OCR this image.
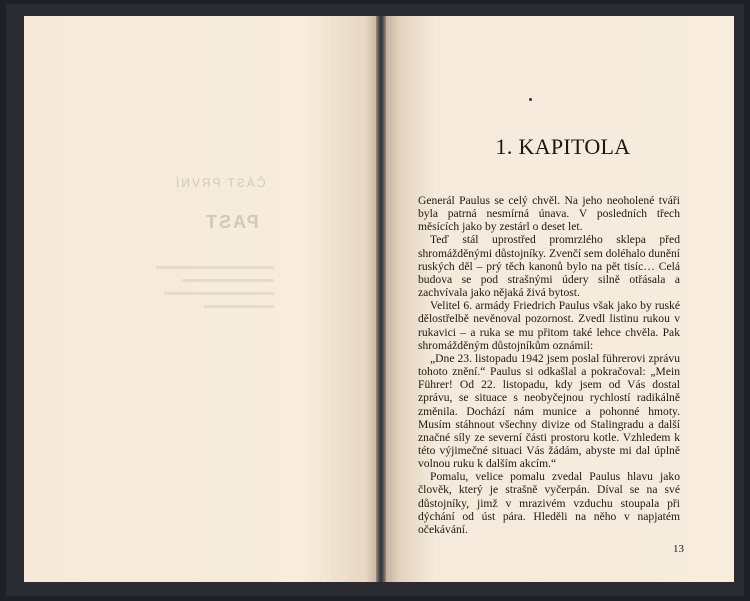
ČÁST PRVNÍ
PAST
1. KAPITOLA

Generál Paulus se celý chvěl. Na jeho neoholené tváři byla patrná nesmírná únava. V posledních třech měsících jako by zestárl o deset let.

Teď stál uprostřed promrzlého sklepa před shromážděnými důstojníky. Zvenčí sem doléhalo dunění ruských děl – prý těch kanonů bylo na pět tisíc… Celá budova se pod strašnými údery silně otřásala a zachvívala jako nějaká živá bytost.

Velitel 6. armády Friedrich Paulus však jako by ruské dělostřelbě nevěnoval pozornost. Zvedl listinu rukou v rukavici – a ruka se mu přitom také lehce chvěla. Pak shromážděným důstojníkům oznámil:

„Dne 23. listopadu 1942 jsem poslal führerovi zprávu tohoto znění.“ Paulus si odkašlal a pokračoval: „Mein Führer! Od 22. listopadu, kdy jsem od Vás dostal zprávu, se situace s neobyčejnou rychlostí radikálně změnila. Dochází nám munice a pohonné hmoty. Musím stáhnout všechny divize od Stalingradu a další značné síly ze severní části prostoru kotle. Vzhledem k této výjimečné situaci Vás žádám, abyste mi dal úplně volnou ruku k dalším akcím.“

Pomalu, velice pomalu zvedal Paulus hlavu jako člověk, který je strašně vyčerpán. Díval se na své důstojníky, jimž v mrazivém vzduchu stoupala při dýchání od úst pára. Hleděli na něho v napjatém očekávání.

13
